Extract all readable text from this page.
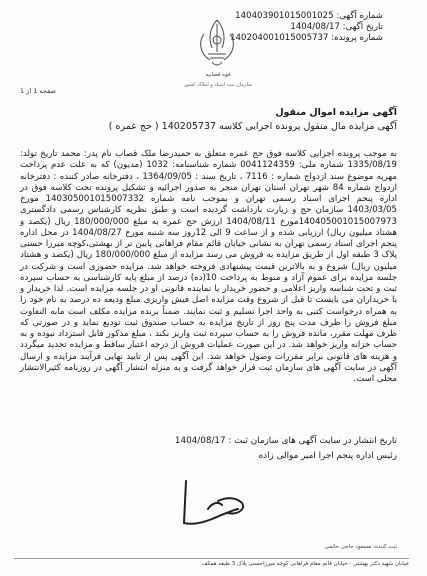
شماره آگهی: 140403901015001025
تاریخ آگهی: 1404/08/17
شماره پرونده: 140204001015005737
قوه قضاییه
سازمان ثبت اسناد و املاک کشور
صفحه 1 از 1
آگهی مزایده اموال منقول
آگهی مزایده مال منقول پرونده اجرایی کلاسه 140205737 ( حج عمره )

به موجب پرونده اجرایی کلاسه فوق حج عمره متعلق به حمیدرضا ملک قصاب نام پدر: محمد تاریخ تولد: 1335/08/19 شماره ملی: 0041124359 شماره شناسنامه: 1032 (مدیون) که به علت عدم پرداخت مهریه موضوع سند ازدواج شماره : 7116 ، تاریخ سند : 1364/09/05 ، دفترخانه صادر کننده : دفترخانه ازدواج شماره 84 شهر تهران استان تهران منجر به صدور اجرائیه و تشکیل پرونده تحت کلاسه فوق در اداره پنجم اجرای اسناد رسمی تهران و بموجب نامه شماره 140305001015007332 مورخ 1403/03/05 سازمان حج و زیارت بازداشت گردیده است و طبق نظریه کارشناس رسمی دادگستری 140405001015007973مورخ 1404/08/11 ارزش حج عمره به مبلغ 180/000/000 ریال (یکصد و هشتاد میلیون ریال) ارزیابی شده و از ساعت 9 الی 12روز سه شنبه مورخ 1404/08/27 در محل اداره پنجم اجرای اسناد رسمی تهران به نشانی خیابان قائم مقام فراهانی پایین تر از بهشتی،کوچه میرزا حسنی پلاک 3 طبقه اول از طریق مزایده به فروش می رسد مزایده از مبلغ 180/000/000 ریال (یکصد و هشتاد میلیون ریال) شروع و به بالاترین قیمت پیشنهادی فروخته خواهد شد. مزایده حضوری است و شرکت در جلسه مزایده برای عموم آزاد و منوط به پرداخت 10(ده) درصد از مبلغ پایه کارشناسی به حساب سپرده ثبت و تحت شناسه واریز اعلامی و حضور خریدار یا نماینده قانونی او در جلسه مزایده است. لذا خریدار و یا خریداران می بایست تا قبل از شروع وقت مزایده اصل فیش واریزی مبلغ ودیعه ده درصد به نام خود را به همراه درخواست کتبی به واحد اجرا تسلیم و ثبت نمایند. ضمناً برنده مزایده مکلف است مابه التفاوت مبلغ فروش را ظرف مدت پنج روز از تاریخ مزایده به حساب صندوق ثبت تودیع نماید و در صورتی که ظرف مهلت مقرر، مانده فروش را به حساب سپرده ثبت واریز نکند ، مبلغ مذکور قابل استرداد نبوده و به حساب خزانه واریز خواهد شد. در این صورت عملیات فروش از درجه اعتبار ساقط و مزایده تجدید میگردد و هزینه های قانونی برابر مقررات وصول خواهد شد. این آگهی پس از تایید نهایی فرآیند مزایده و ارسال آگهی در سایت آگهی های سازمان ثبت قرار خواهد گرفت و به منزله انتشار آگهی در روزنامه کثیرالانتشار محلی است.

تاریخ انتشار در سایت آگهی های سازمان ثبت : 1404/08/17
رئیس اداره پنجم اجرا امیر موالی زاده
ثبت کننده: مسعود حاجی حاتمی
خیابان شهید دکتر بهشتی - خیابان قائم مقام فراهانی کوچه میرزاحسنی پلاک 3 طبقه همکف
